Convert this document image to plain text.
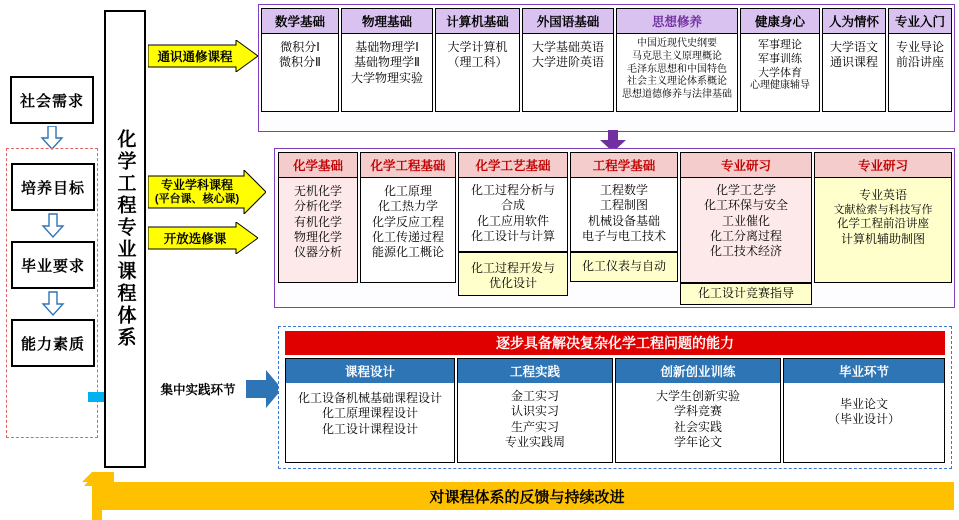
社会需求
培养目标
毕业要求
能力素质 化学工程专业课程体系
通识通修课程
专业学科课程
(平台课、核心课)
开放选修课
集中实践环节
数学基础
微积分Ⅰ
微积分Ⅱ
物理基础
基础物理学Ⅰ
基础物理学Ⅱ
大学物理实验
计算机基础
大学计算机
（理工科）
外国语基础
大学基础英语
大学进阶英语
思想修养
中国近现代史纲要
马克思主义原理概论
毛泽东思想和中国特色
社会主义理论体系概论
思想道德修养与法律基础
健康身心
军事理论
军事训练
大学体育
心理健康辅导
人为情怀
大学语文
通识课程
专业入门
专业导论
前沿讲座
化学基础
无机化学
分析化学
有机化学
物理化学
仪器分析
化学工程基础
化工原理
化工热力学
化学反应工程
化工传递过程
能源化工概论
化学工艺基础
化工过程分析与
合成
化工应用软件
化工设计与计算
化工过程开发与
优化设计
工程学基础
工程数学
工程制图
机械设备基础
电子与电工技术
化工仪表与自动
专业研习
化学工艺学
化工环保与安全
工业催化
化工分离过程
化工技术经济
化工设计竞赛指导
专业研习
专业英语
文献检索与科技写作
化学工程前沿讲座
计算机辅助制图
逐步具备解决复杂化学工程问题的能力
课程设计
化工设备机械基础课程设计
化工原理课程设计
化工设计课程设计
工程实践
金工实习
认识实习
生产实习
专业实践周
创新创业训练
大学生创新实验
学科竞赛
社会实践
学年论文
毕业环节
毕业论文
（毕业设计）
对课程体系的反馈与持续改进
